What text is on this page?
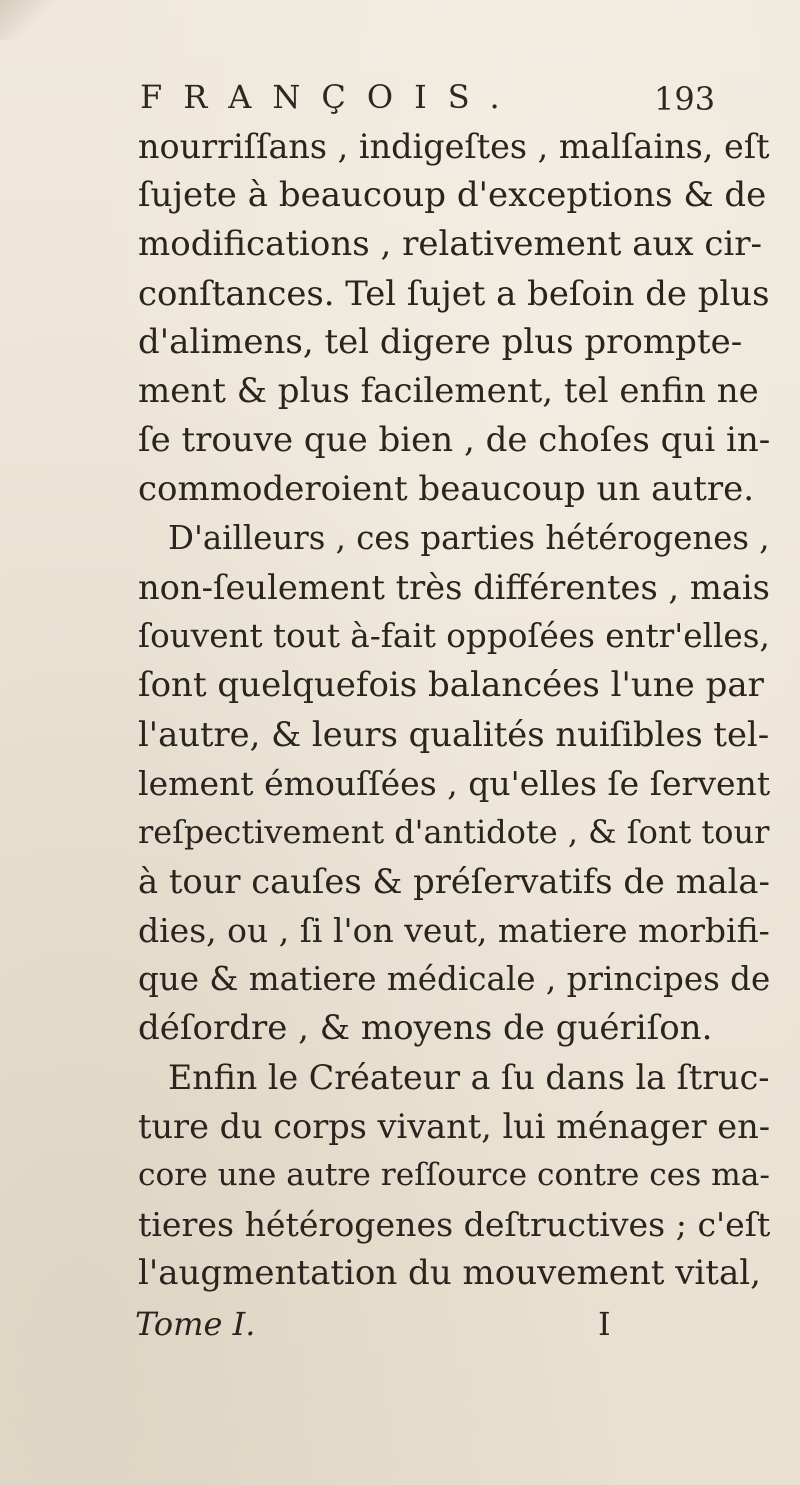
FRANÇOIS.	193
nourriſſans , indigeſtes , malſains, eſt
ſujete à beaucoup d'exceptions & de
modifications , relativement aux cir-
conſtances. Tel ſujet a beſoin de plus
d'alimens, tel digere plus prompte-
ment & plus facilement, tel enfin ne
ſe trouve que bien , de choſes qui in-
commoderoient beaucoup un autre.
D'ailleurs , ces parties hétérogenes ,
non-ſeulement très différentes , mais
ſouvent tout à-fait oppoſées entr'elles,
ſont quelquefois balancées l'une par
l'autre, & leurs qualités nuiſibles tel-
lement émouſſées , qu'elles ſe ſervent
reſpectivement d'antidote , & ſont tour
à tour cauſes & préſervatifs de mala-
dies, ou , ſi l'on veut, matiere morbifi-
que & matiere médicale , principes de
déſordre , & moyens de guériſon.
Enfin le Créateur a ſu dans la ſtruc-
ture du corps vivant, lui ménager en-
core une autre reſſource contre ces ma-
tieres hétérogenes deſtructives ; c'eſt
l'augmentation du mouvement vital,
Tome I.	I
